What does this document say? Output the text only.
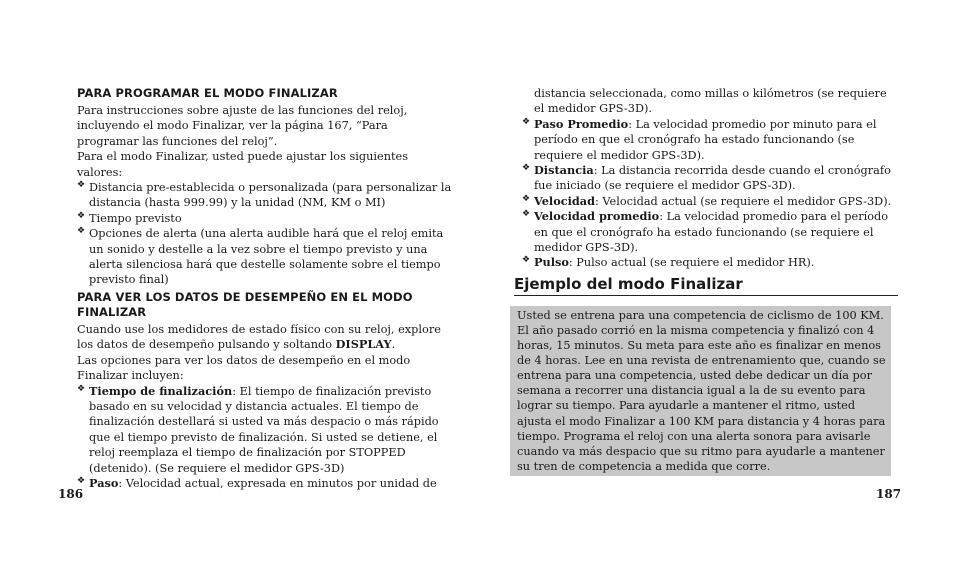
PARA PROGRAMAR EL MODO FINALIZAR

Para instrucciones sobre ajuste de las funciones del reloj, incluyendo el modo Finalizar, ver la página 167, “Para programar las funciones del reloj”.

Para el modo Finalizar, usted puede ajustar los siguientes valores:

❖ Distancia pre-establecida o personalizada (para personalizar la distancia (hasta 999.99) y la unidad (NM, KM o MI)
❖ Tiempo previsto
❖ Opciones de alerta (una alerta audible hará que el reloj emita un sonido y destelle a la vez sobre el tiempo previsto y una alerta silenciosa hará que destelle solamente sobre el tiempo previsto final)
PARA VER LOS DATOS DE DESEMPEÑO EN EL MODO FINALIZAR

Cuando use los medidores de estado físico con su reloj, explore los datos de desempeño pulsando y soltando DISPLAY.

Las opciones para ver los datos de desempeño en el modo Finalizar incluyen:

❖ Tiempo de finalización: El tiempo de finalización previsto basado en su velocidad y distancia actuales. El tiempo de finalización destellará si usted va más despacio o más rápido que el tiempo previsto de finalización. Si usted se detiene, el reloj reemplaza el tiempo de finalización por STOPPED (detenido). (Se requiere el medidor GPS-3D)
❖ Paso: Velocidad actual, expresada en minutos por unidad de

distancia seleccionada, como millas o kilómetros (se requiere el medidor GPS-3D).

❖ Paso Promedio: La velocidad promedio por minuto para el período en que el cronógrafo ha estado funcionando (se requiere el medidor GPS-3D).
❖ Distancia: La distancia recorrida desde cuando el cronógrafo fue iniciado (se requiere el medidor GPS-3D).
❖ Velocidad: Velocidad actual (se requiere el medidor GPS-3D).
❖ Velocidad promedio: La velocidad promedio para el período en que el cronógrafo ha estado funcionando (se requiere el medidor GPS-3D).
❖ Pulso: Pulso actual (se requiere el medidor HR).
Ejemplo del modo Finalizar

Usted se entrena para una competencia de ciclismo de 100 KM. El año pasado corrió en la misma competencia y finalizó con 4 horas, 15 minutos. Su meta para este año es finalizar en menos de 4 horas. Lee en una revista de entrenamiento que, cuando se entrena para una competencia, usted debe dedicar un día por semana a recorrer una distancia igual a la de su evento para lograr su tiempo. Para ayudarle a mantener el ritmo, usted ajusta el modo Finalizar a 100 KM para distancia y 4 horas para tiempo. Programa el reloj con una alerta sonora para avisarle cuando va más despacio que su ritmo para ayudarle a mantener su tren de competencia a medida que corre.

186	187
